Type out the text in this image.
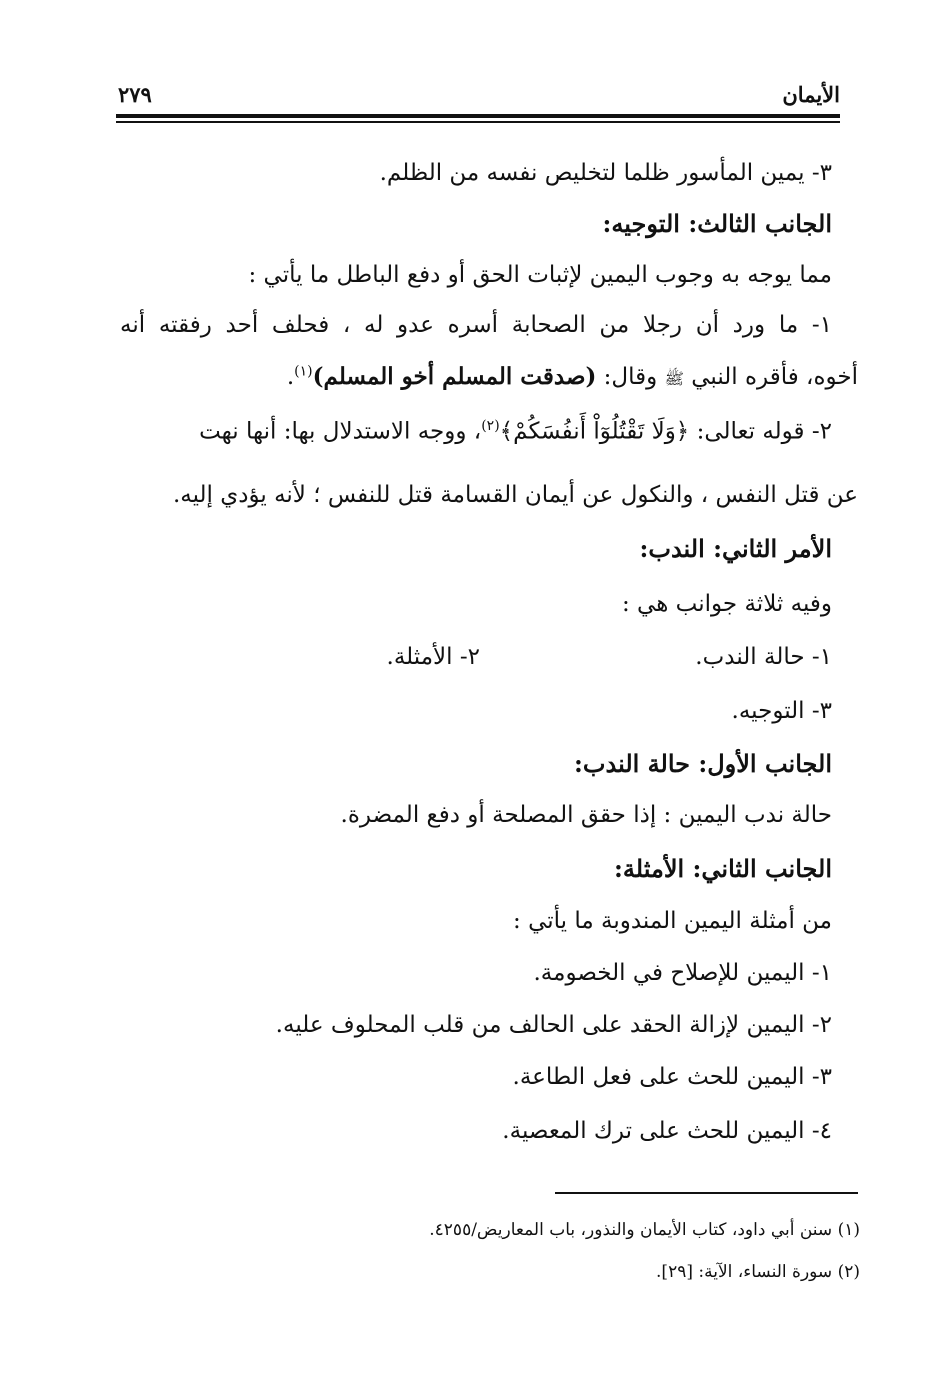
الأيمان
٢٧٩
٣- يمين المأسور ظلما لتخليص نفسه من الظلم.
الجانب الثالث: التوجيه:
مما يوجه به وجوب اليمين لإثبات الحق أو دفع الباطل ما يأتي :
١- ما ورد أن رجلا من الصحابة أسره عدو له ، فحلف أحد رفقته أنه
أخوه، فأقره النبي ﷺ وقال: (صدقت المسلم أخو المسلم)$^{(١)}$.
٢- قوله تعالى: ﴿وَلَا تَقْتُلُوٓاْ أَنفُسَكُمْ﴾$^{(٢)}$، ووجه الاستدلال بها: أنها نهت
عن قتل النفس ، والنكول عن أيمان القسامة قتل للنفس ؛ لأنه يؤدي إليه.
الأمر الثاني: الندب:
وفيه ثلاثة جوانب هي :
١- حالة الندب.
٢- الأمثلة.
٣- التوجيه.
الجانب الأول: حالة الندب:
حالة ندب اليمين : إذا حقق المصلحة أو دفع المضرة.
الجانب الثاني: الأمثلة:
من أمثلة اليمين المندوبة ما يأتي :
١- اليمين للإصلاح في الخصومة.
٢- اليمين لإزالة الحقد على الحالف من قلب المحلوف عليه.
٣- اليمين للحث على فعل الطاعة.
٤- اليمين للحث على ترك المعصية.
(١) سنن أبي داود، كتاب الأيمان والنذور، باب المعاريض/٤٢٥٥.
(٢) سورة النساء، الآية: [٢٩].
